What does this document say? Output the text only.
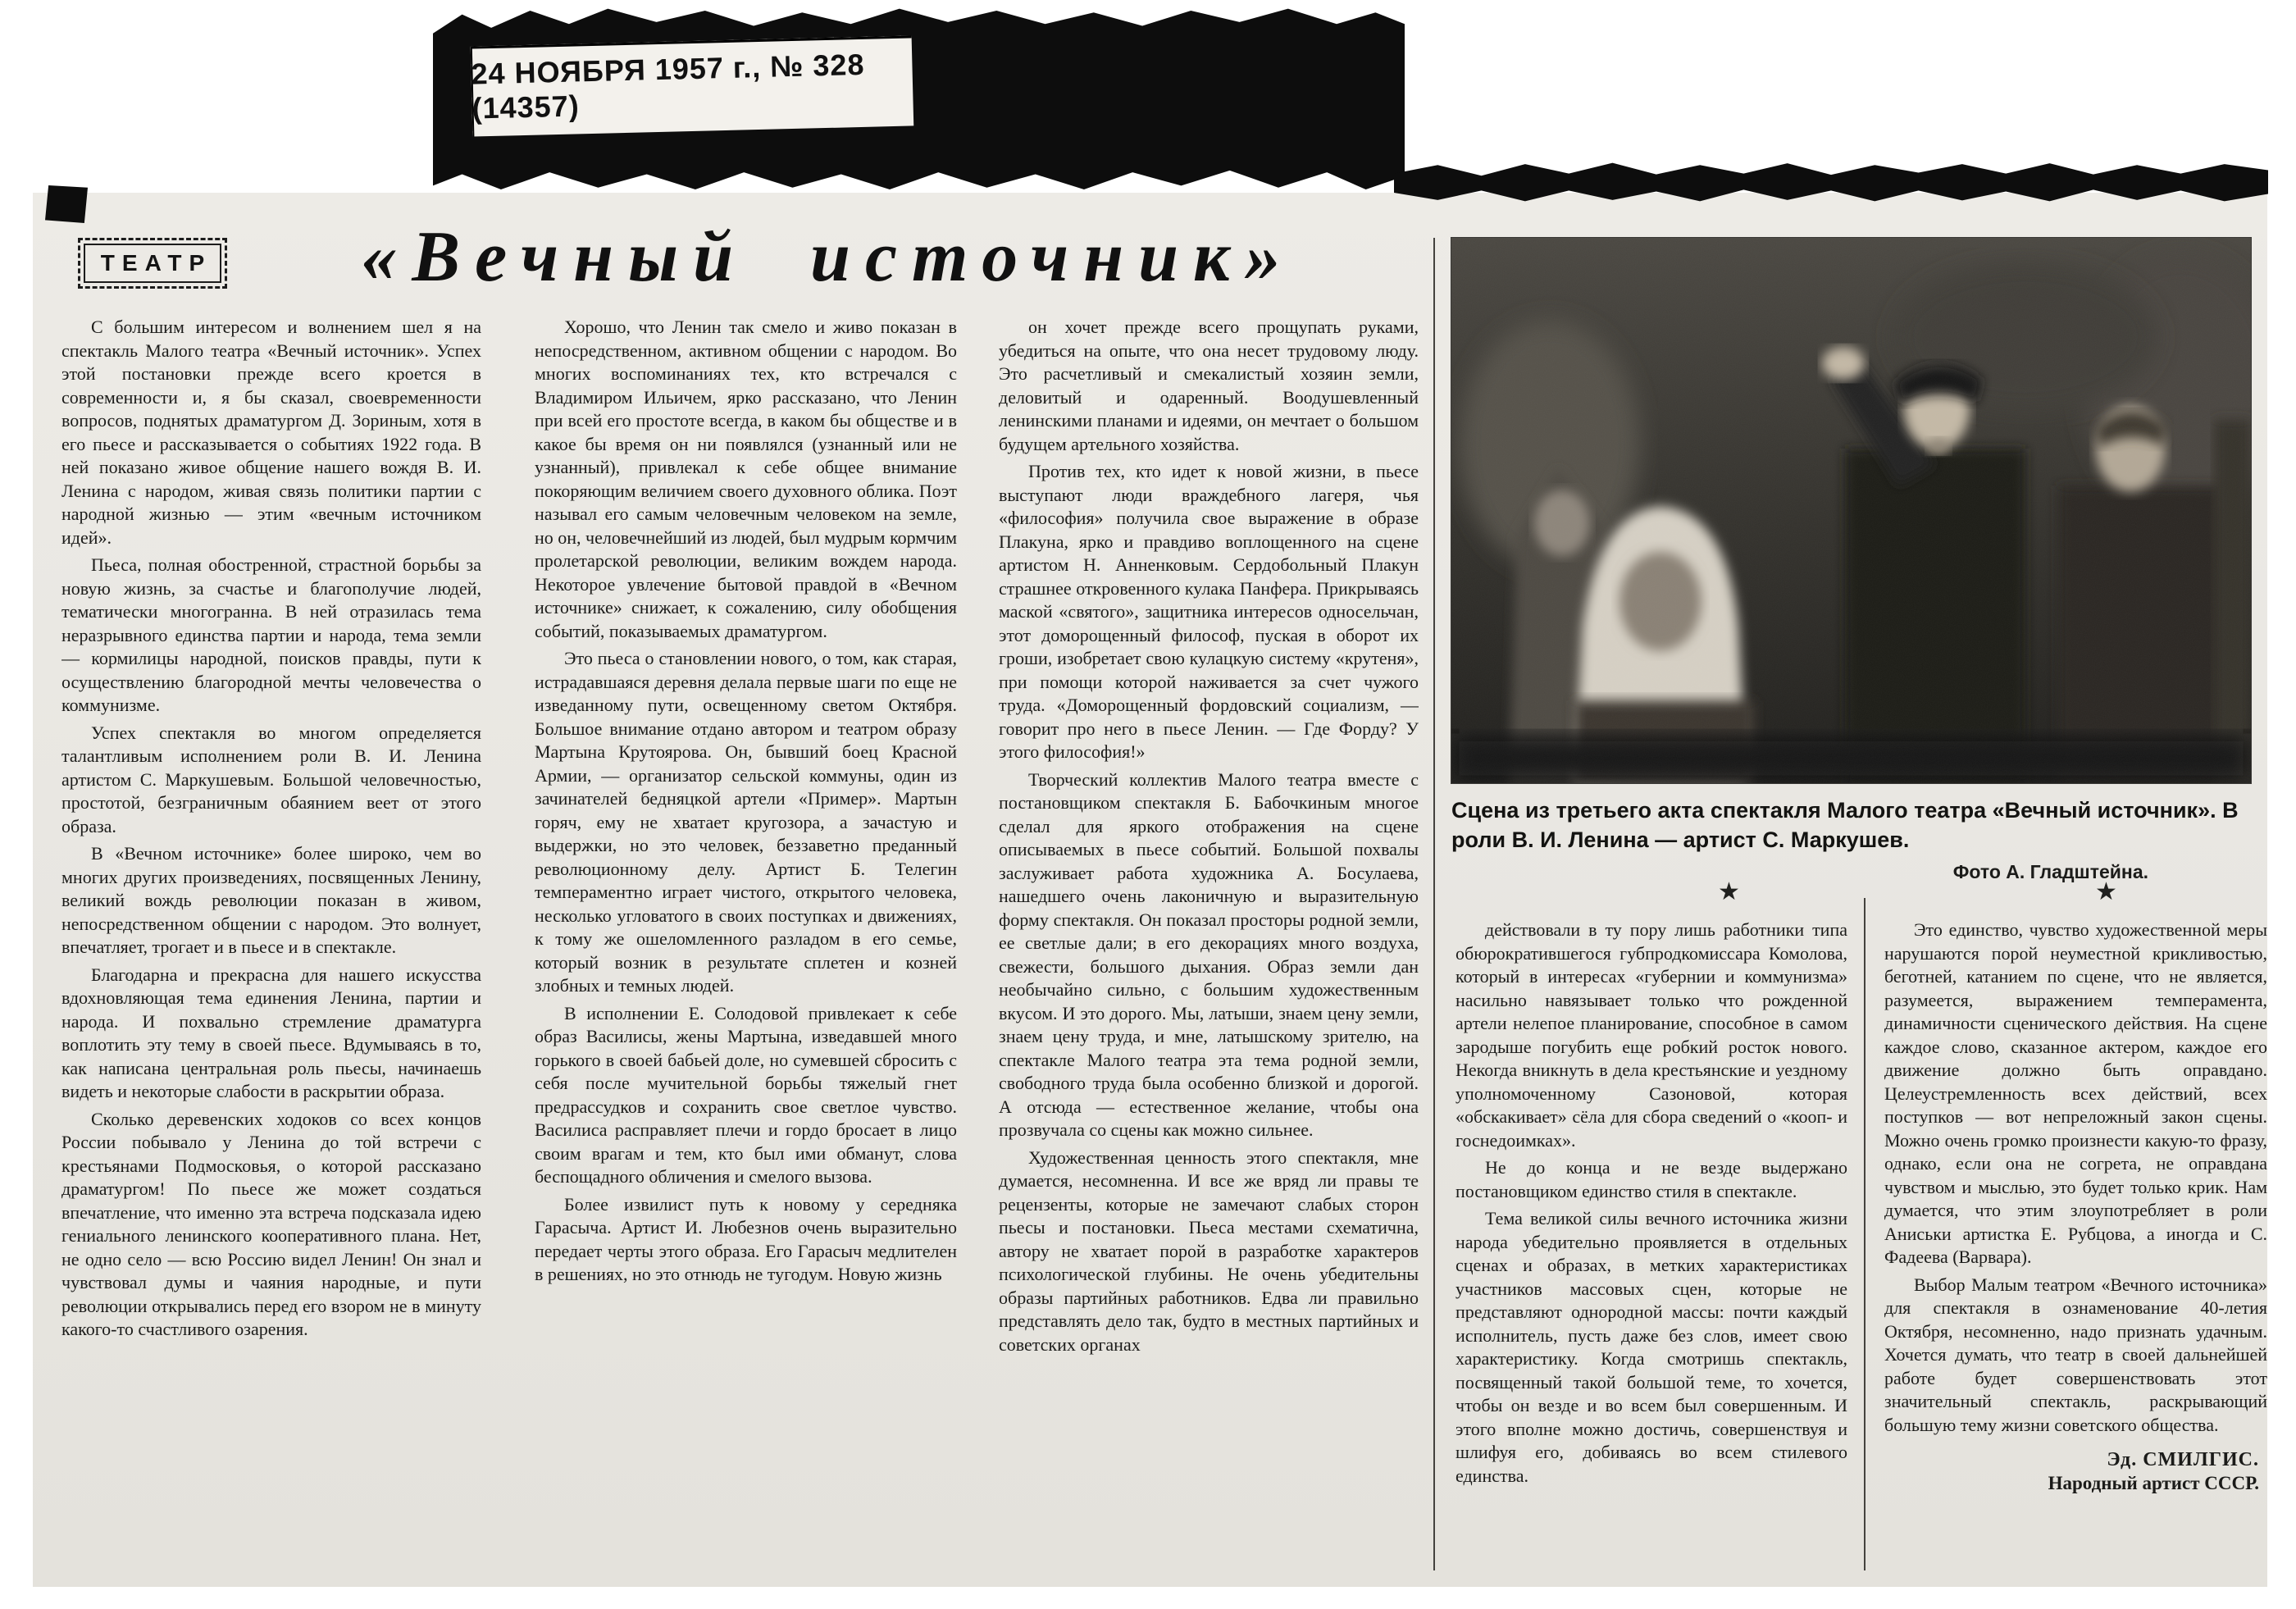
24 НОЯБРЯ 1957 г., № 328 (14357)
ТЕАТР	«Вечный источник»

С большим интересом и волнением шел я на спектакль Малого театра «Вечный источник». Успех этой постановки прежде всего кроется в современности и, я бы сказал, своевременности вопросов, поднятых драматургом Д. Зориным, хотя в его пьесе и рассказывается о событиях 1922 года. В ней показано живое общение нашего вождя В. И. Ленина с народом, живая связь политики партии с народной жизнью — этим «вечным источником идей».

Пьеса, полная обостренной, страстной борьбы за новую жизнь, за счастье и благополучие людей, тематически многогранна. В ней отразилась тема неразрывного единства партии и народа, тема земли — кормилицы народной, поисков правды, пути к осуществлению благородной мечты человечества о коммунизме.

Успех спектакля во многом определяется талантливым исполнением роли В. И. Ленина артистом С. Маркушевым. Большой человечностью, простотой, безграничным обаянием веет от этого образа.

В «Вечном источнике» более широко, чем во многих других произведениях, посвященных Ленину, великий вождь революции показан в живом, непосредственном общении с народом. Это волнует, впечатляет, трогает и в пьесе и в спектакле.

Благодарна и прекрасна для нашего искусства вдохновляющая тема единения Ленина, партии и народа. И похвально стремление драматурга воплотить эту тему в своей пьесе. Вдумываясь в то, как написана центральная роль пьесы, начинаешь видеть и некоторые слабости в раскрытии образа.

Сколько деревенских ходоков со всех концов России побывало у Ленина до той встречи с крестьянами Подмосковья, о которой рассказано драматургом! По пьесе же может создаться впечатление, что именно эта встреча подсказала идею гениального ленинского кооперативного плана. Нет, не одно село — всю Россию видел Ленин! Он знал и чувствовал думы и чаяния народные, и пути революции открывались перед его взором не в минуту какого-то счастливого озарения.

Хорошо, что Ленин так смело и живо показан в непосредственном, активном общении с народом. Во многих воспоминаниях тех, кто встречался с Владимиром Ильичем, ярко рассказано, что Ленин при всей его простоте всегда, в каком бы обществе и в какое бы время он ни появлялся (узнанный или не узнанный), привлекал к себе общее внимание покоряющим величием своего духовного облика. Поэт называл его самым человечным человеком на земле, но он, человечнейший из людей, был мудрым кормчим пролетарской революции, великим вождем народа. Некоторое увлечение бытовой правдой в «Вечном источнике» снижает, к сожалению, силу обобщения событий, показываемых драматургом.

Это пьеса о становлении нового, о том, как старая, истрадавшаяся деревня делала первые шаги по еще не изведанному пути, освещенному светом Октября. Большое внимание отдано автором и театром образу Мартына Крутоярова. Он, бывший боец Красной Армии, — организатор сельской коммуны, один из зачинателей бедняцкой артели «Пример». Мартын горяч, ему не хватает кругозора, а зачастую и выдержки, но это человек, беззаветно преданный революционному делу. Артист Б. Телегин темпераментно играет чистого, открытого человека, несколько угловатого в своих поступках и движениях, к тому же ошеломленного разладом в его семье, который возник в результате сплетен и козней злобных и темных людей.

В исполнении Е. Солодовой привлекает к себе образ Василисы, жены Мартына, изведавшей много горького в своей бабьей доле, но сумевшей сбросить с себя после мучительной борьбы тяжелый гнет предрассудков и сохранить свое светлое чувство. Василиса расправляет плечи и гордо бросает в лицо своим врагам и тем, кто был ими обманут, слова беспощадного обличения и смелого вызова.

Более извилист путь к новому у середняка Гарасыча. Артист И. Любезнов очень выразительно передает черты этого образа. Его Гарасыч медлителен в решениях, но это отнюдь не тугодум. Новую жизнь

он хочет прежде всего прощупать руками, убедиться на опыте, что она несет трудовому люду. Это расчетливый и смекалистый хозяин земли, деловитый и одаренный. Воодушевленный ленинскими планами и идеями, он мечтает о большом будущем артельного хозяйства.

Против тех, кто идет к новой жизни, в пьесе выступают люди враждебного лагеря, чья «философия» получила свое выражение в образе Плакуна, ярко и правдиво воплощенного на сцене артистом Н. Анненковым. Сердобольный Плакун страшнее откровенного кулака Панфера. Прикрываясь маской «святого», защитника интересов односельчан, этот доморощенный философ, пуская в оборот их гроши, изобретает свою кулацкую систему «крутеня», при помощи которой наживается за счет чужого труда. «Доморощенный фордовский социализм, — говорит про него в пьесе Ленин. — Где Форду? У этого философия!»

Творческий коллектив Малого театра вместе с постановщиком спектакля Б. Бабочкиным многое сделал для яркого отображения на сцене описываемых в пьесе событий. Большой похвалы заслуживает работа художника А. Босулаева, нашедшего очень лаконичную и выразительную форму спектакля. Он показал просторы родной земли, ее светлые дали; в его декорациях много воздуха, свежести, большого дыхания. Образ земли дан необычайно сильно, с большим художественным вкусом. И это дорого. Мы, латыши, знаем цену земли, знаем цену труда, и мне, латышскому зрителю, на спектакле Малого театра эта тема родной земли, свободного труда была особенно близкой и дорогой. А отсюда — естественное желание, чтобы она прозвучала со сцены как можно сильнее.

Художественная ценность этого спектакля, мне думается, несомненна. И все же вряд ли правы те рецензенты, которые не замечают слабых сторон пьесы и постановки. Пьеса местами схематична, автору не хватает порой в разработке характеров психологической глубины. Не очень убедительны образы партийных работников. Едва ли правильно представлять дело так, будто в местных партийных и советских органах

Сцена из третьего акта спектакля Малого театра «Вечный источник». В роли В. И. Ленина — артист С. Маркушев.
Фото А. Гладштейна.
★	★

действовали в ту пору лишь работники типа обюрократившегося губпродкомиссара Комолова, который в интересах «губернии и коммунизма» насильно навязывает только что рожденной артели нелепое планирование, способное в самом зародыше погубить еще робкий росток нового. Некогда вникнуть в дела крестьянские и уездному уполномоченному Сазоновой, которая «обскакивает» сёла для сбора сведений о «кооп- и госнедоимках».

Не до конца и не везде выдержано постановщиком единство стиля в спектакле.

Тема великой силы вечного источника жизни народа убедительно проявляется в отдельных сценах и образах, в метких характеристиках участников массовых сцен, которые не представляют однородной массы: почти каждый исполнитель, пусть даже без слов, имеет свою характеристику. Когда смотришь спектакль, посвященный такой большой теме, то хочется, чтобы он везде и во всем был совершенным. И этого вполне можно достичь, совершенствуя и шлифуя его, добиваясь во всем стилевого единства.

Это единство, чувство художественной меры нарушаются порой неуместной крикливостью, беготней, катанием по сцене, что не является, разумеется, выражением темперамента, динамичности сценического действия. На сцене каждое слово, сказанное актером, каждое его движение должно быть оправдано. Целеустремленность всех действий, всех поступков — вот непреложный закон сцены. Можно очень громко произнести какую-то фразу, однако, если она не согрета, не оправдана чувством и мыслью, это будет только крик. Нам думается, что этим злоупотребляет в роли Аниськи артистка Е. Рубцова, а иногда и С. Фадеева (Варвара).

Выбор Малым театром «Вечного источника» для спектакля в ознаменование 40-летия Октября, несомненно, надо признать удачным. Хочется думать, что театр в своей дальнейшей работе будет совершенствовать этот значительный спектакль, раскрывающий большую тему жизни советского общества.

Эд. СМИЛГИС.
Народный артист СССР.
